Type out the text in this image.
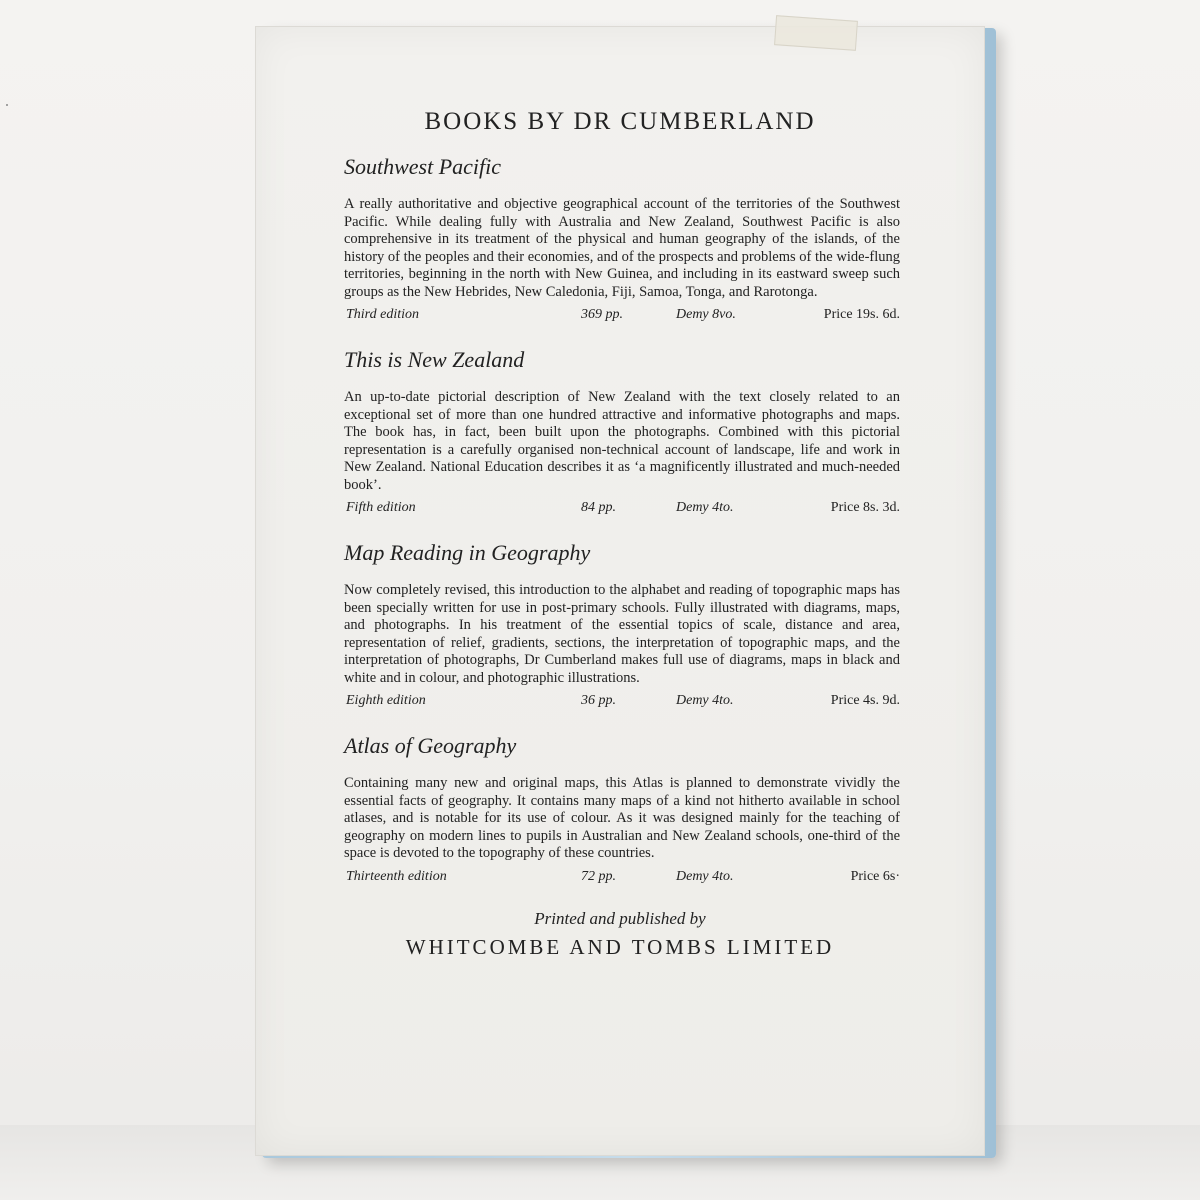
BOOKS BY DR CUMBERLAND
Southwest Pacific

A really authoritative and objective geographical account of the territories of the Southwest Pacific. While dealing fully with Australia and New Zealand, Southwest Pacific is also comprehensive in its treatment of the physical and human geography of the islands, of the history of the peoples and their economies, and of the prospects and problems of the wide-flung territories, beginning in the north with New Guinea, and including in its eastward sweep such groups as the New Hebrides, New Caledonia, Fiji, Samoa, Tonga, and Rarotonga.

Third edition	369 pp.	Demy 8vo.	Price 19s. 6d.
This is New Zealand

An up-to-date pictorial description of New Zealand with the text closely related to an exceptional set of more than one hundred attractive and informative photographs and maps. The book has, in fact, been built upon the photographs. Combined with this pictorial representation is a carefully organised non-technical account of landscape, life and work in New Zealand. National Education describes it as ‘a magnificently illustrated and much-needed book’.

Fifth edition	84 pp.	Demy 4to.	Price 8s. 3d.
Map Reading in Geography

Now completely revised, this introduction to the alphabet and reading of topographic maps has been specially written for use in post-primary schools. Fully illustrated with diagrams, maps, and photographs. In his treatment of the essential topics of scale, distance and area, representation of relief, gradients, sections, the interpretation of topographic maps, and the interpretation of photographs, Dr Cumberland makes full use of diagrams, maps in black and white and in colour, and photographic illustrations.

Eighth edition	36 pp.	Demy 4to.	Price 4s. 9d.
Atlas of Geography

Containing many new and original maps, this Atlas is planned to demonstrate vividly the essential facts of geography. It contains many maps of a kind not hitherto available in school atlases, and is notable for its use of colour. As it was designed mainly for the teaching of geography on modern lines to pupils in Australian and New Zealand schools, one-third of the space is devoted to the topography of these countries.

Thirteenth edition	72 pp.	Demy 4to.	Price 6s·

Printed and published by

WHITCOMBE AND TOMBS LIMITED
